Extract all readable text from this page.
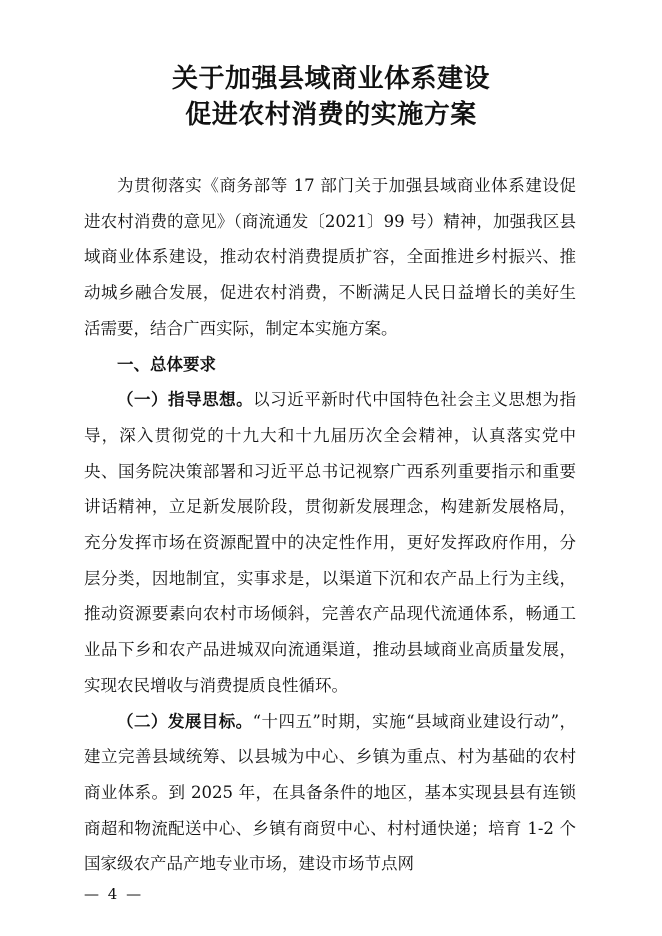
关于加强县域商业体系建设
促进农村消费的实施方案

为贯彻落实《商务部等 17 部门关于加强县域商业体系建设促进农村消费的意见》（商流通发〔2021〕99 号）精神，加强我区县域商业体系建设，推动农村消费提质扩容，全面推进乡村振兴、推动城乡融合发展，促进农村消费，不断满足人民日益增长的美好生活需要，结合广西实际，制定本实施方案。

一、总体要求

（一）指导思想。以习近平新时代中国特色社会主义思想为指导，深入贯彻党的十九大和十九届历次全会精神，认真落实党中央、国务院决策部署和习近平总书记视察广西系列重要指示和重要讲话精神，立足新发展阶段，贯彻新发展理念，构建新发展格局，充分发挥市场在资源配置中的决定性作用，更好发挥政府作用，分层分类，因地制宜，实事求是，以渠道下沉和农产品上行为主线，推动资源要素向农村市场倾斜，完善农产品现代流通体系，畅通工业品下乡和农产品进城双向流通渠道，推动县域商业高质量发展，实现农民增收与消费提质良性循环。

（二）发展目标。“十四五”时期，实施“县域商业建设行动”，建立完善县域统筹、以县城为中心、乡镇为重点、村为基础的农村商业体系。到 2025 年，在具备条件的地区，基本实现县县有连锁商超和物流配送中心、乡镇有商贸中心、村村通快递；培育 1-2 个国家级农产品产地专业市场，建设市场节点网

— 4 —
